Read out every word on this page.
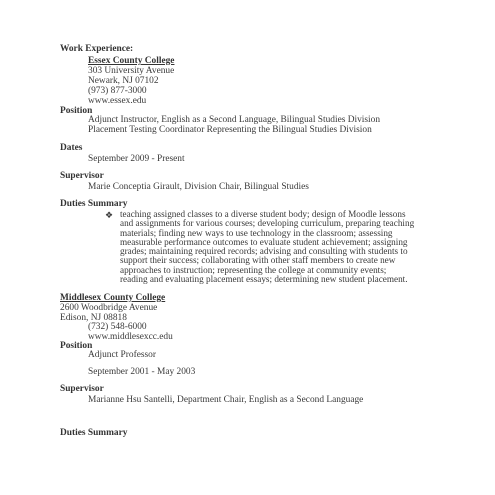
Work Experience:
Essex County College
303 University Avenue
Newark, NJ 07102
(973) 877-3000
www.essex.edu
Position
Adjunct Instructor, English as a Second Language, Bilingual Studies Division
Placement Testing Coordinator Representing the Bilingual Studies Division
Dates
September 2009 - Present
Supervisor
Marie Conceptia Girault, Division Chair, Bilingual Studies
Duties Summary
❖ teaching assigned classes to a diverse student body; design of Moodle lessons
and assignments for various courses; developing curriculum, preparing teaching
materials; finding new ways to use technology in the classroom; assessing
measurable performance outcomes to evaluate student achievement; assigning
grades; maintaining required records; advising and consulting with students to
support their success; collaborating with other staff members to create new
approaches to instruction; representing the college at community events;
reading and evaluating placement essays; determining new student placement.
Middlesex County College
2600 Woodbridge Avenue
Edison, NJ 08818
(732) 548-6000
www.middlesexcc.edu
Position
Adjunct Professor
September 2001 - May 2003
Supervisor
Marianne Hsu Santelli, Department Chair, English as a Second Language
Duties Summary
